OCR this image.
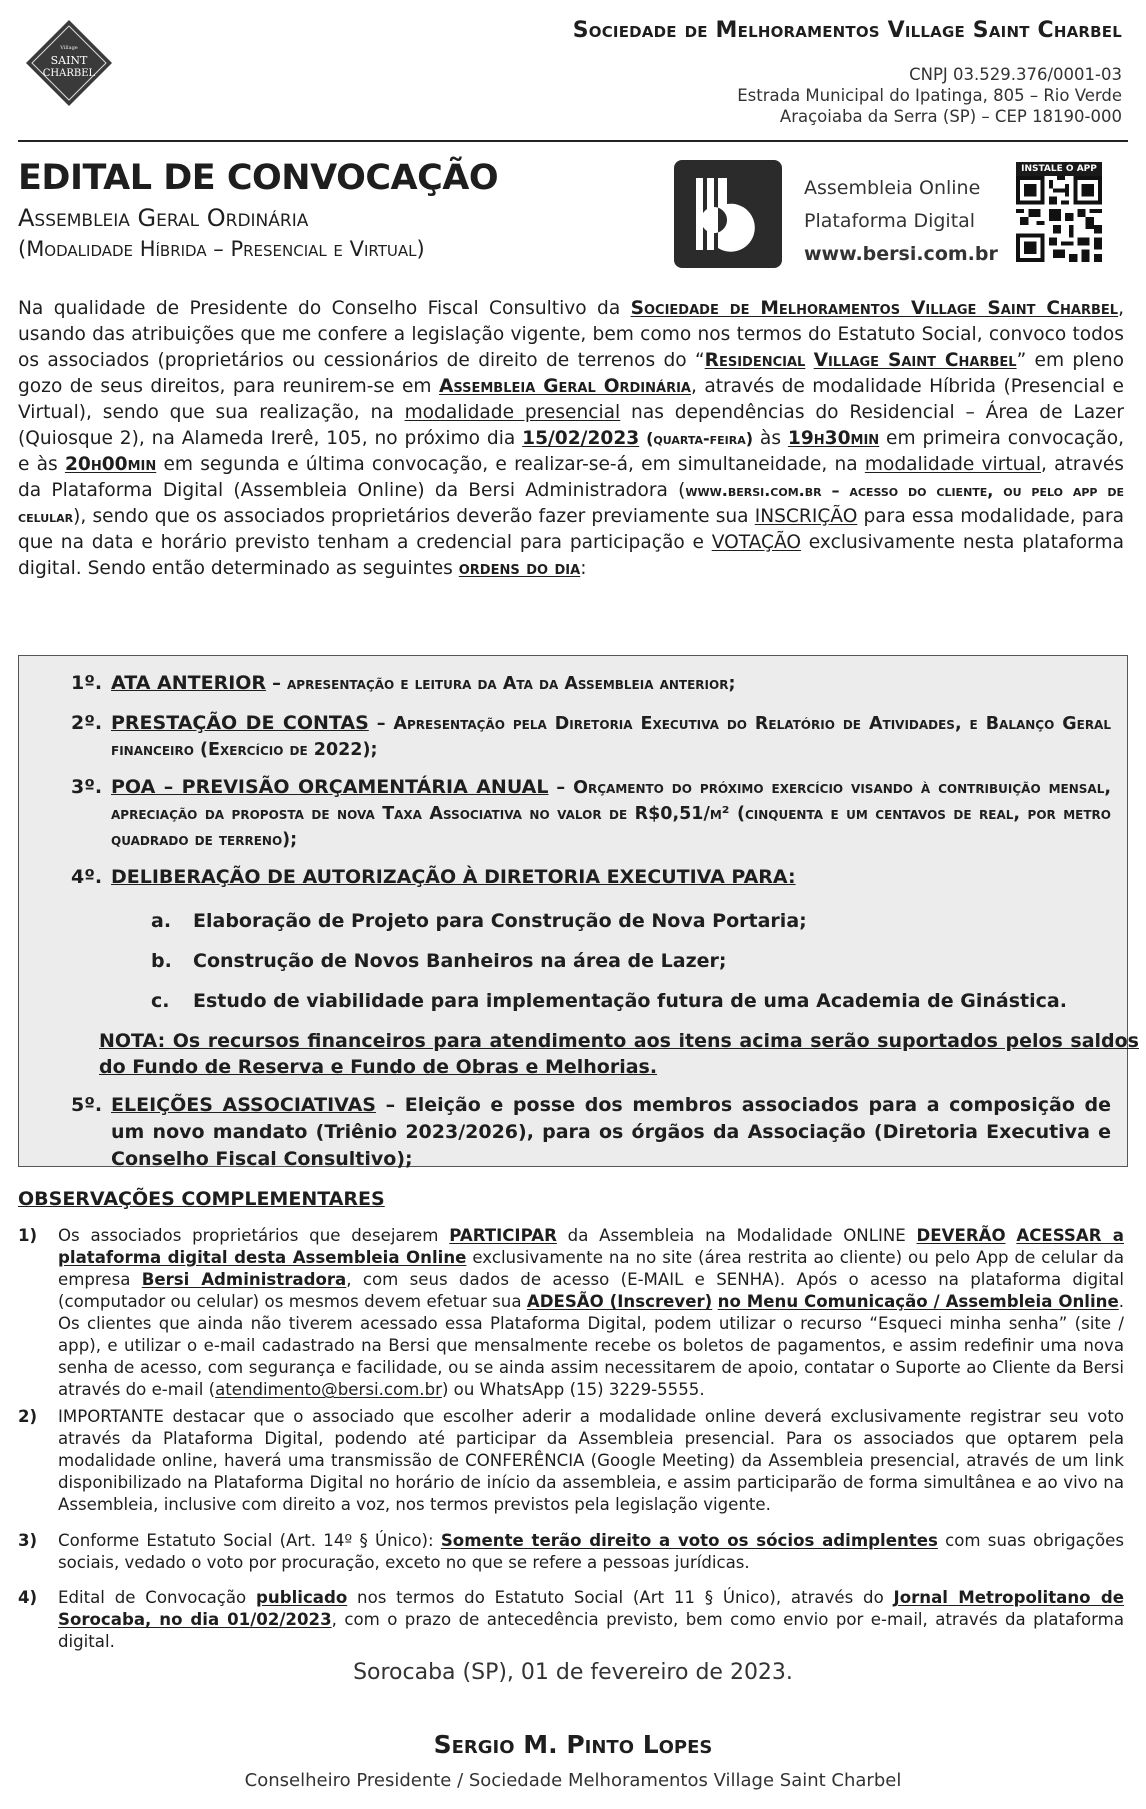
Village
SAINT
CHARBEL
Sociedade de Melhoramentos Village Saint Charbel
CNPJ 03.529.376/0001-03
Estrada Municipal do Ipatinga, 805 – Rio Verde
Araçoiaba da Serra (SP) – CEP 18190-000
EDITAL DE CONVOCAÇÃO
Assembleia Geral Ordinária
(Modalidade Híbrida – Presencial e Virtual)
Assembleia Online
Plataforma Digital
www.bersi.com.br
INSTALE O APP
Na qualidade de Presidente do Conselho Fiscal Consultivo da Sociedade de Melhoramentos Village Saint Charbel, usando das atribuições que me confere a legislação vigente, bem como nos termos do Estatuto Social, convoco todos os associados (proprietários ou cessionários de direito de terrenos do “Residencial Village Saint Charbel” em pleno gozo de seus direitos, para reunirem-se em Assembleia Geral Ordinária, através de modalidade Híbrida (Presencial e Virtual), sendo que sua realização, na modalidade presencial nas dependências do Residencial – Área de Lazer (Quiosque 2), na Alameda Irerê, 105, no próximo dia 15/02/2023 (quarta-feira) às 19h30min em primeira convocação, e às 20h00min em segunda e última convocação, e realizar-se-á, em simultaneidade, na modalidade virtual, através da Plataforma Digital (Assembleia Online) da Bersi Administradora (www.bersi.com.br – acesso do cliente, ou pelo app de celular), sendo que os associados proprietários deverão fazer previamente sua INSCRIÇÃO para essa modalidade, para que na data e horário previsto tenham a credencial para participação e VOTAÇÃO exclusivamente nesta plataforma digital. Sendo então determinado as seguintes ordens do dia:
1º. ATA ANTERIOR – apresentação e leitura da Ata da Assembleia anterior;
2º. PRESTAÇÃO DE CONTAS – Apresentação pela Diretoria Executiva do Relatório de Atividades, e Balanço Geral financeiro (Exercício de 2022);
3º. POA – PREVISÃO ORÇAMENTÁRIA ANUAL – Orçamento do próximo exercício visando à contribuição mensal, apreciação da proposta de nova Taxa Associativa no valor de R$0,51/m² (cinquenta e um centavos de real, por metro quadrado de terreno);
4º. DELIBERAÇÃO DE AUTORIZAÇÃO À DIRETORIA EXECUTIVA PARA:
a. Elaboração de Projeto para Construção de Nova Portaria;
b. Construção de Novos Banheiros na área de Lazer;
c. Estudo de viabilidade para implementação futura de uma Academia de Ginástica.
NOTA: Os recursos financeiros para atendimento aos itens acima serão suportados pelos saldos do Fundo de Reserva e Fundo de Obras e Melhorias.
5º. ELEIÇÕES ASSOCIATIVAS – Eleição e posse dos membros associados para a composição de um novo mandato (Triênio 2023/2026), para os órgãos da Associação (Diretoria Executiva e Conselho Fiscal Consultivo);
OBSERVAÇÕES COMPLEMENTARES
1) Os associados proprietários que desejarem PARTICIPAR da Assembleia na Modalidade ONLINE DEVERÃO ACESSAR a plataforma digital desta Assembleia Online exclusivamente na no site (área restrita ao cliente) ou pelo App de celular da empresa Bersi Administradora, com seus dados de acesso (E-MAIL e SENHA). Após o acesso na plataforma digital (computador ou celular) os mesmos devem efetuar sua ADESÃO (Inscrever) no Menu Comunicação / Assembleia Online. Os clientes que ainda não tiverem acessado essa Plataforma Digital, podem utilizar o recurso “Esqueci minha senha” (site / app), e utilizar o e-mail cadastrado na Bersi que mensalmente recebe os boletos de pagamentos, e assim redefinir uma nova senha de acesso, com segurança e facilidade, ou se ainda assim necessitarem de apoio, contatar o Suporte ao Cliente da Bersi através do e-mail (atendimento@bersi.com.br) ou WhatsApp (15) 3229-5555.
2) IMPORTANTE destacar que o associado que escolher aderir a modalidade online deverá exclusivamente registrar seu voto através da Plataforma Digital, podendo até participar da Assembleia presencial. Para os associados que optarem pela modalidade online, haverá uma transmissão de CONFERÊNCIA (Google Meeting) da Assembleia presencial, através de um link disponibilizado na Plataforma Digital no horário de início da assembleia, e assim participarão de forma simultânea e ao vivo na Assembleia, inclusive com direito a voz, nos termos previstos pela legislação vigente.
3) Conforme Estatuto Social (Art. 14º § Único): Somente terão direito a voto os sócios adimplentes com suas obrigações sociais, vedado o voto por procuração, exceto no que se refere a pessoas jurídicas.
4) Edital de Convocação publicado nos termos do Estatuto Social (Art 11 § Único), através do Jornal Metropolitano de Sorocaba, no dia 01/02/2023, com o prazo de antecedência previsto, bem como envio por e-mail, através da plataforma digital.
Sorocaba (SP), 01 de fevereiro de 2023.
Sergio M. Pinto Lopes
Conselheiro Presidente / Sociedade Melhoramentos Village Saint Charbel
